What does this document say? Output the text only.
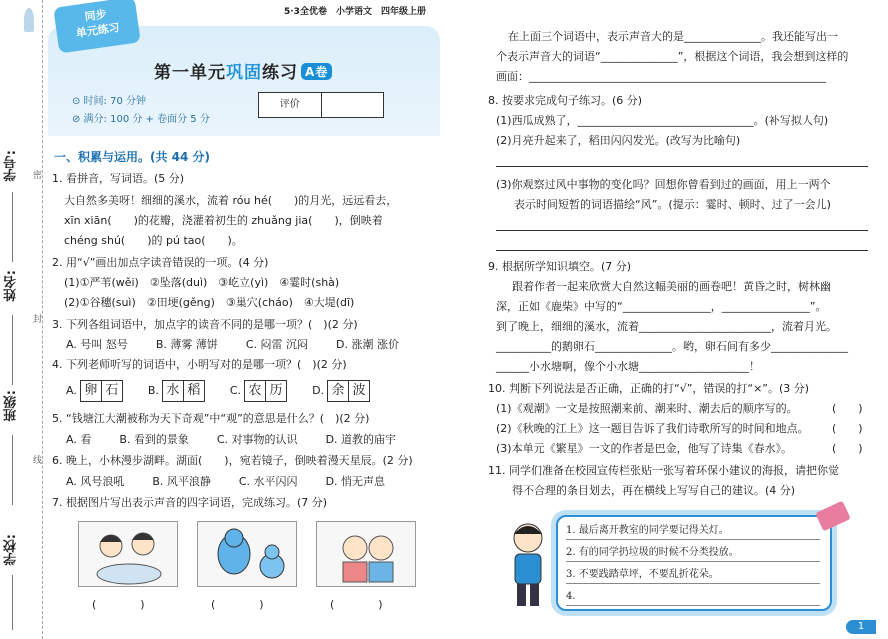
学号:
姓名:
班级:
学校:
密
封
线
同步
单元练习
5·3全优卷　小学语文　四年级上册
第一单元巩固练习 A卷
⊙ 时间: 70 分钟
⊘ 满分: 100 分 + 卷面分 5 分
评价
一、积累与运用。(共 44 分)
1. 看拼音，写词语。(5 分)
大自然多美呀！细细的溪水，流着 róu hé(　　)的月光，远远看去，
xīn xiān(　　)的花瓣，浇灌着初生的 zhuǎng jia(　　)，倒映着
chéng shú(　　)的 pú tao(　　)。
2. 用“√”画出加点字读音错误的一项。(4 分)
(1)①严苇(wěi)　②坠落(duì)　③屹立(yì)　④霎时(shà)
(2)①谷穗(suì)　②田埂(gěng)　③巢穴(cháo)　④大堤(dī)
3. 下列各组词语中，加点字的读音不同的是哪一项？(　)(2 分)
A. 号叫 怒号	B. 薄雾 薄饼	C. 闷雷 沉闷	D. 涨潮 涨价
4. 下列老师听写的词语中，小明写对的是哪一项？(　)(2 分)
A. 卵 石	B. 水 稻	C. 农 历	D. 余 波
5. “钱塘江大潮被称为天下奇观”中“观”的意思是什么？(　)(2 分)
A. 看	B. 看到的景象	C. 对事物的认识	D. 道教的庙宇
6. 晚上，小林漫步湖畔。湖面(　　)，宛若镜子，倒映着漫天星辰。(2 分)
A. 风号浪吼	B. 风平浪静	C. 水平闪闪	D. 悄无声息
7. 根据图片写出表示声音的四字词语，完成练习。(7 分)
(　　　　)	(　　　　)	(　　　　)
在上面三个词语中，表示声音大的是______________。我还能写出一
个表示声音大的词语“______________”，根据这个词语，我会想到这样的
画面：______________________________________________________
8. 按要求完成句子练习。(6 分)
(1)西瓜成熟了，________________________________。(补写拟人句)
(2)月亮升起来了，稻田闪闪发光。(改写为比喻句)
(3)你观察过风中事物的变化吗？回想你曾看到过的画面，用上一两个
表示时间短暂的词语描绘“风”。(提示：霎时、顿时、过了一会儿)
9. 根据所学知识填空。(7 分)
跟着作者一起来欣赏大自然这幅美丽的画卷吧！黄昏之时，树林幽
深，正如《鹿柴》中写的“________________，________________”。
到了晚上，细细的溪水，流着________________________，流着月光。
__________的鹅卵石______________。哟，卵石间有多少______________
______小水塘啊，像个小水塘____________________！
10. 判断下列说法是否正确，正确的打“√”，错误的打“×”。(3 分)
(1)《观潮》一文是按照潮来前、潮来时、潮去后的顺序写的。	(　　)
(2)《秋晚的江上》这一题目告诉了我们诗歌所写的时间和地点。 (　　)
(3)本单元《繁星》一文的作者是巴金，他写了诗集《春水》。	(　　)
11. 同学们准备在校园宣传栏张贴一张写着环保小建议的海报，请把你觉
得不合理的条目划去，再在横线上写写自己的建议。(4 分)
1. 最后离开教室的同学要记得关灯。
2. 有的同学扔垃圾的时候不分类投放。
3. 不要践踏草坪，不要乱折花朵。
4.
1
